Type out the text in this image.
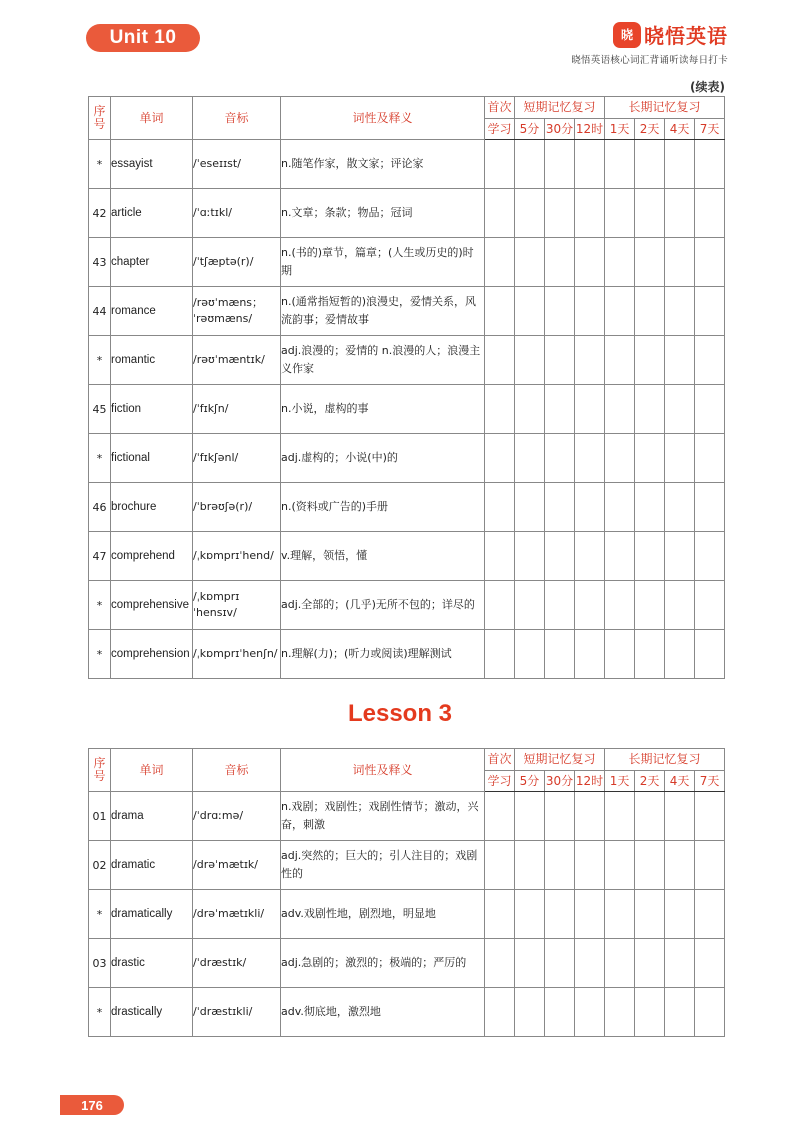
Unit 10	晓 晓悟英语
晓悟英语核心词汇背诵听读每日打卡
(续表)
序号	单词	音标	词性及释义	首次	短期记忆复习			长期记忆复习			
				学习	5分	30分	12时	1天	2天	4天	7天
*	essayist	/ˈeseɪɪst/	n.随笔作家，散文家；评论家								
42	article	/ˈɑːtɪkl/	n.文章；条款；物品；冠词								
43	chapter	/ˈtʃæptə(r)/	n.(书的)章节，篇章；(人生或历史的)时期								
44	romance	/rəʊˈmæns；ˈrəʊmæns/	n.(通常指短暂的)浪漫史，爱情关系，风流韵事；爱情故事								
*	romantic	/rəʊˈmæntɪk/	adj.浪漫的；爱情的 n.浪漫的人；浪漫主义作家								
45	fiction	/ˈfɪkʃn/	n.小说，虚构的事								
*	fictional	/ˈfɪkʃənl/	adj.虚构的；小说(中)的								
46	brochure	/ˈbrəʊʃə(r)/	n.(资料或广告的)手册								
47	comprehend	/ˌkɒmprɪˈhend/	v.理解，领悟，懂								
*	comprehensive	/ˌkɒmprɪˈhensɪv/	adj.全部的；(几乎)无所不包的；详尽的								
*	comprehension	/ˌkɒmprɪˈhenʃn/	n.理解(力)；(听力或阅读)理解测试								
Lesson 3
序号	单词	音标	词性及释义	首次	短期记忆复习			长期记忆复习			
				学习	5分	30分	12时	1天	2天	4天	7天
01	drama	/ˈdrɑːmə/	n.戏剧；戏剧性；戏剧性情节；激动，兴奋，刺激								
02	dramatic	/drəˈmætɪk/	adj.突然的；巨大的；引人注目的；戏剧性的								
*	dramatically	/drəˈmætɪkli/	adv.戏剧性地，剧烈地，明显地								
03	drastic	/ˈdræstɪk/	adj.急剧的；激烈的；极端的；严厉的								
*	drastically	/ˈdræstɪkli/	adv.彻底地，激烈地								
176
